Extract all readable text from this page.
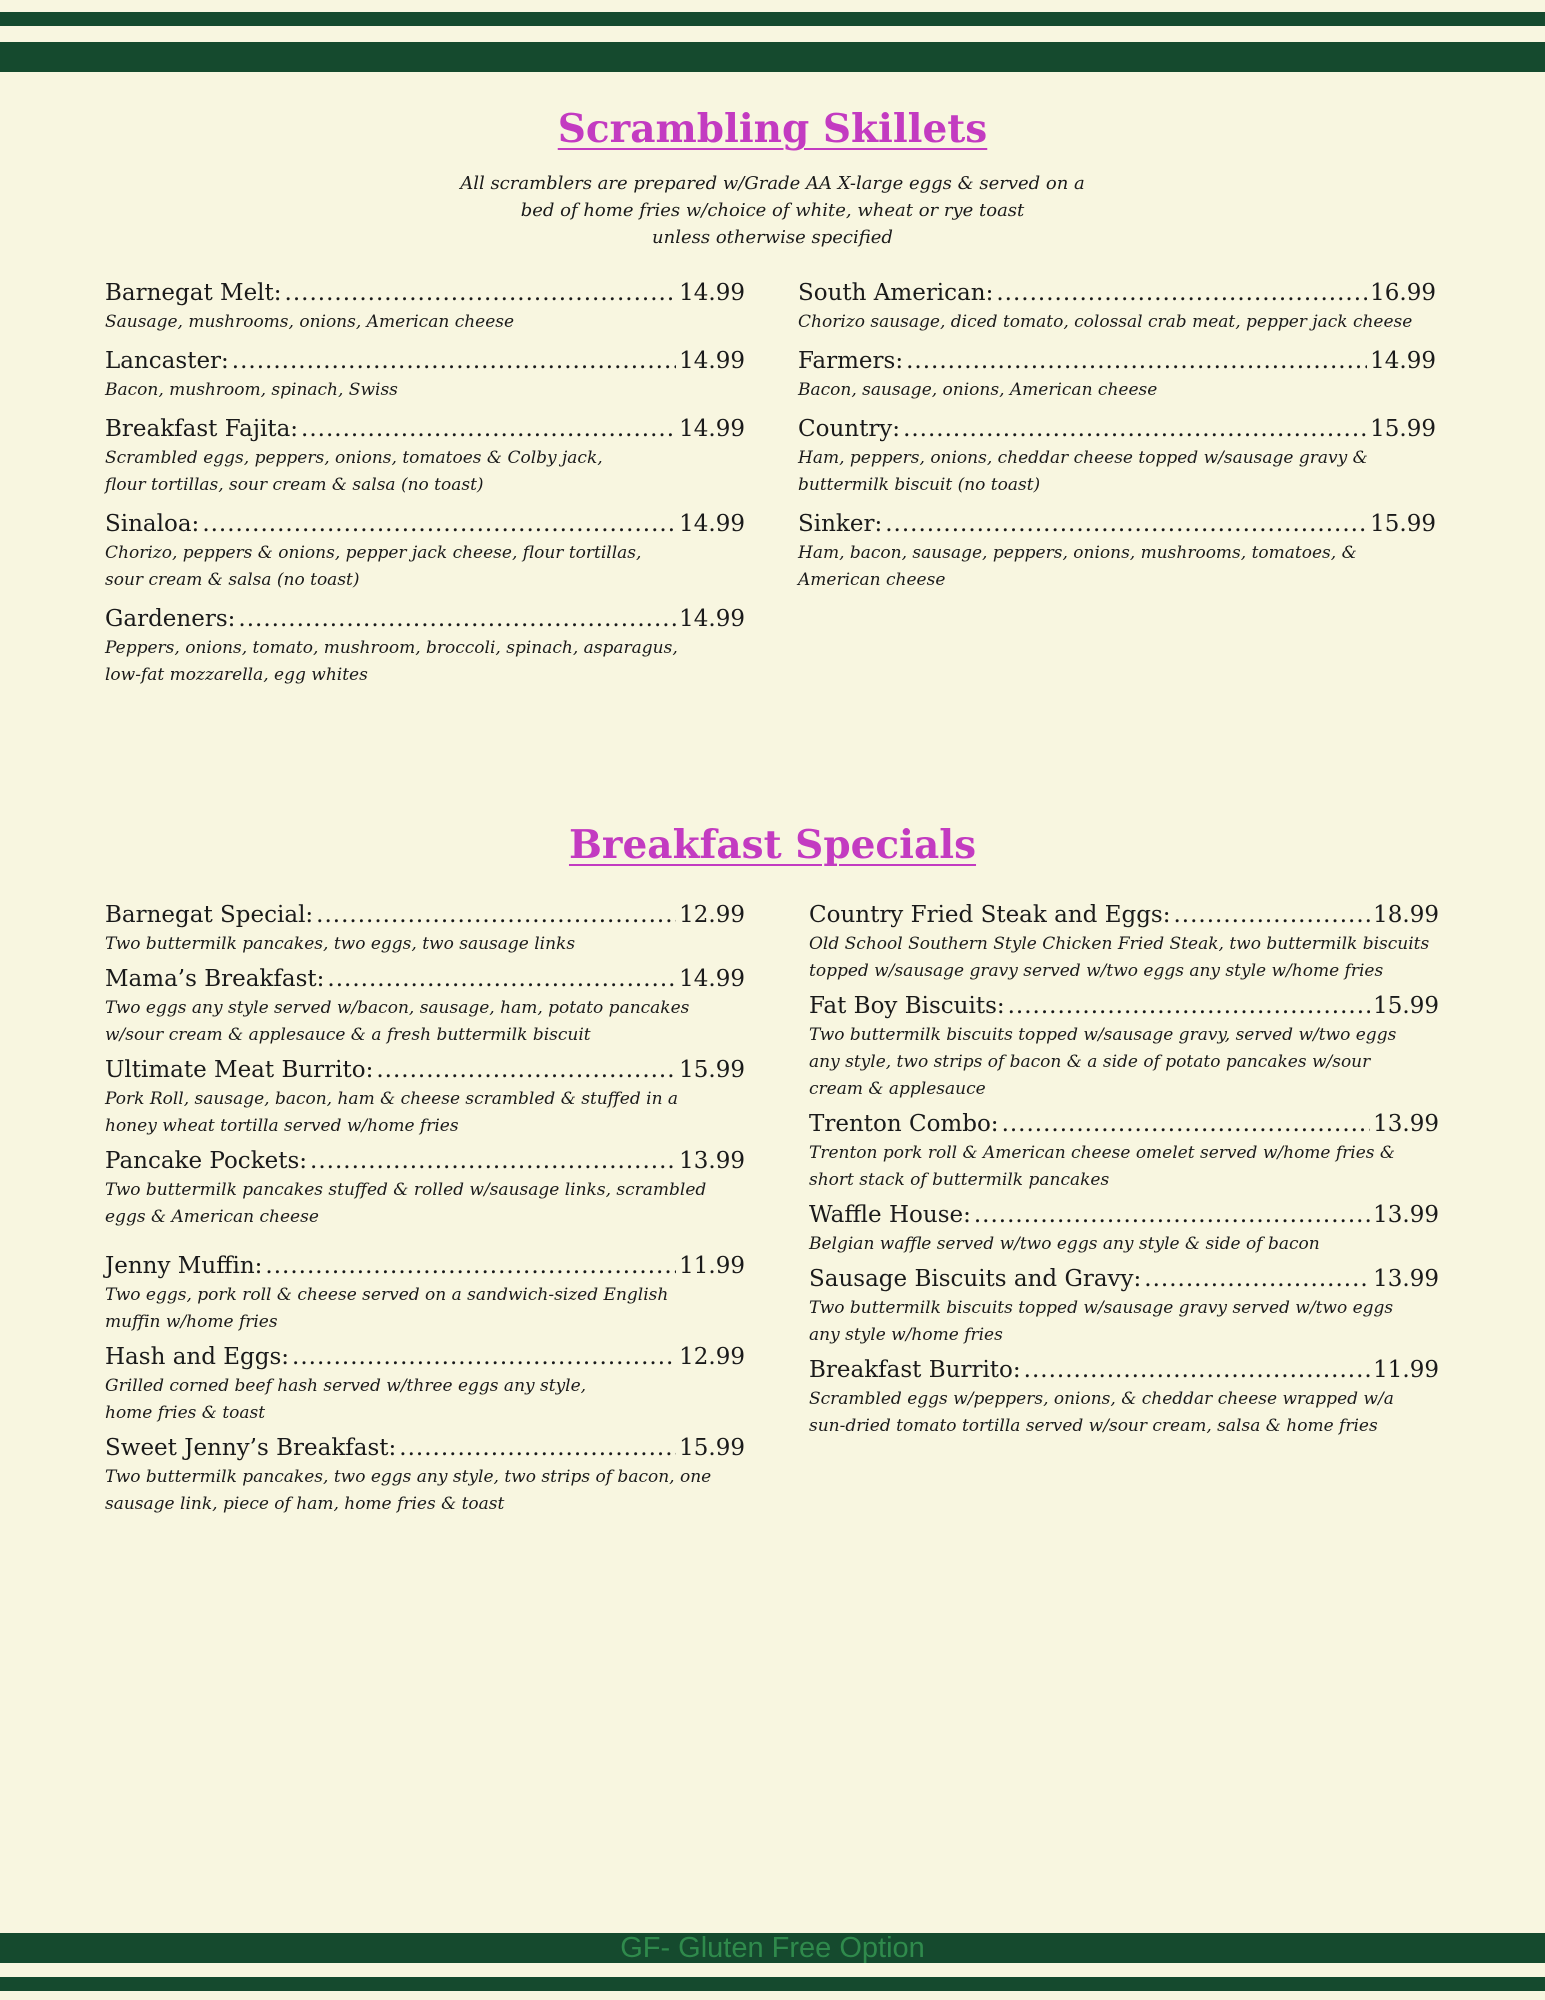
Scrambling Skillets
All scramblers are prepared w/Grade AA X-large eggs & served on a
bed of home fries w/choice of white, wheat or rye toast
unless otherwise specified
Barnegat Melt: .....	14.99
Sausage, mushrooms, onions, American cheese
Lancaster: .....	14.99
Bacon, mushroom, spinach, Swiss
Breakfast Fajita: .....	14.99
Scrambled eggs, peppers, onions, tomatoes & Colby jack,
flour tortillas, sour cream & salsa (no toast)
Sinaloa: .....	14.99
Chorizo, peppers & onions, pepper jack cheese, flour tortillas,
sour cream & salsa (no toast)
Gardeners: .....	14.99
Peppers, onions, tomato, mushroom, broccoli, spinach, asparagus,
low-fat mozzarella, egg whites
South American: .....	16.99
Chorizo sausage, diced tomato, colossal crab meat, pepper jack cheese
Farmers: .....	14.99
Bacon, sausage, onions, American cheese
Country: .....	15.99
Ham, peppers, onions, cheddar cheese topped w/sausage gravy &
buttermilk biscuit (no toast)
Sinker: .....	15.99
Ham, bacon, sausage, peppers, onions, mushrooms, tomatoes, &
American cheese
Breakfast Specials
Barnegat Special: .....	12.99
Two buttermilk pancakes, two eggs, two sausage links
Mama’s Breakfast: .....	14.99
Two eggs any style served w/bacon, sausage, ham, potato pancakes
w/sour cream & applesauce & a fresh buttermilk biscuit
Ultimate Meat Burrito: .....	15.99
Pork Roll, sausage, bacon, ham & cheese scrambled & stuffed in a
honey wheat tortilla served w/home fries
Pancake Pockets: .....	13.99
Two buttermilk pancakes stuffed & rolled w/sausage links, scrambled
eggs & American cheese
Jenny Muffin: .....	11.99
Two eggs, pork roll & cheese served on a sandwich-sized English
muffin w/home fries
Hash and Eggs: .....	12.99
Grilled corned beef hash served w/three eggs any style,
home fries & toast
Sweet Jenny’s Breakfast: .....	15.99
Two buttermilk pancakes, two eggs any style, two strips of bacon, one
sausage link, piece of ham, home fries & toast
Country Fried Steak and Eggs: .....	18.99
Old School Southern Style Chicken Fried Steak, two buttermilk biscuits
topped w/sausage gravy served w/two eggs any style w/home fries
Fat Boy Biscuits: .....	15.99
Two buttermilk biscuits topped w/sausage gravy, served w/two eggs
any style, two strips of bacon & a side of potato pancakes w/sour
cream & applesauce
Trenton Combo: .....	13.99
Trenton pork roll & American cheese omelet served w/home fries &
short stack of buttermilk pancakes
Waffle House: .....	13.99
Belgian waffle served w/two eggs any style & side of bacon
Sausage Biscuits and Gravy: .....	13.99
Two buttermilk biscuits topped w/sausage gravy served w/two eggs
any style w/home fries
Breakfast Burrito: .....	11.99
Scrambled eggs w/peppers, onions, & cheddar cheese wrapped w/a
sun-dried tomato tortilla served w/sour cream, salsa & home fries
GF- Gluten Free Option
